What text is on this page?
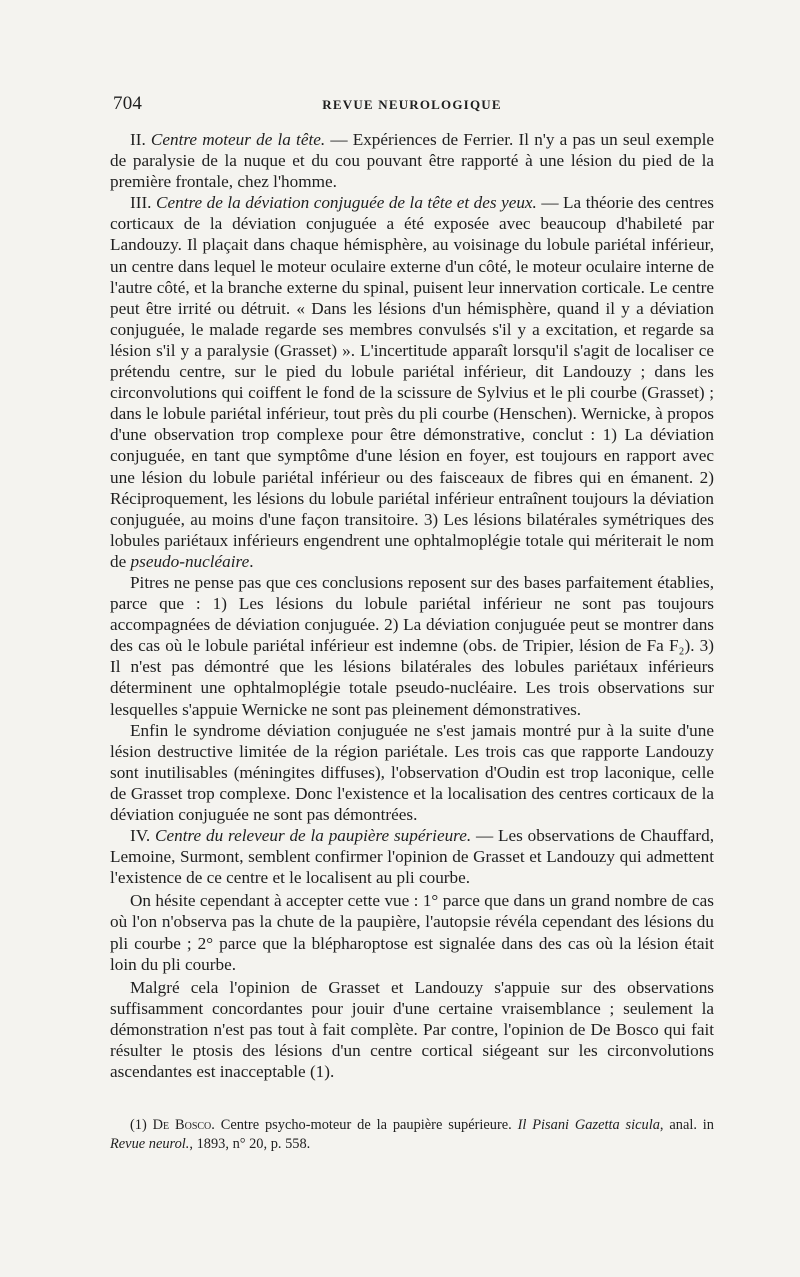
704	REVUE NEUROLOGIQUE

II. Centre moteur de la tête. — Expériences de Ferrier. Il n'y a pas un seul exemple de paralysie de la nuque et du cou pouvant être rapporté à une lésion du pied de la première frontale, chez l'homme.

III. Centre de la déviation conjuguée de la tête et des yeux. — La théorie des centres corticaux de la déviation conjuguée a été exposée avec beaucoup d'habileté par Landouzy. Il plaçait dans chaque hémisphère, au voisinage du lobule pariétal inférieur, un centre dans lequel le moteur oculaire externe d'un côté, le moteur oculaire interne de l'autre côté, et la branche externe du spinal, puisent leur innervation corticale. Le centre peut être irrité ou détruit. « Dans les lésions d'un hémisphère, quand il y a déviation conjuguée, le malade regarde ses membres convulsés s'il y a excitation, et regarde sa lésion s'il y a paralysie (Grasset) ». L'incertitude apparaît lorsqu'il s'agit de localiser ce prétendu centre, sur le pied du lobule pariétal inférieur, dit Landouzy ; dans les circonvolutions qui coiffent le fond de la scissure de Sylvius et le pli courbe (Grasset) ; dans le lobule pariétal inférieur, tout près du pli courbe (Henschen). Wernicke, à propos d'une observation trop complexe pour être démonstrative, conclut : 1) La déviation conjuguée, en tant que symptôme d'une lésion en foyer, est toujours en rapport avec une lésion du lobule pariétal inférieur ou des faisceaux de fibres qui en émanent. 2) Réciproquement, les lésions du lobule pariétal inférieur entraînent toujours la déviation conjuguée, au moins d'une façon transitoire. 3) Les lésions bilatérales symétriques des lobules pariétaux inférieurs engendrent une ophtalmoplégie totale qui mériterait le nom de pseudo-nucléaire.

Pitres ne pense pas que ces conclusions reposent sur des bases parfaitement établies, parce que : 1) Les lésions du lobule pariétal inférieur ne sont pas toujours accompagnées de déviation conjuguée. 2) La déviation conjuguée peut se montrer dans des cas où le lobule pariétal inférieur est indemne (obs. de Tripier, lésion de Fa F₂). 3) Il n'est pas démontré que les lésions bilatérales des lobules pariétaux inférieurs déterminent une ophtalmoplégie totale pseudo-nucléaire. Les trois observations sur lesquelles s'appuie Wernicke ne sont pas pleinement démonstratives.

Enfin le syndrome déviation conjuguée ne s'est jamais montré pur à la suite d'une lésion destructive limitée de la région pariétale. Les trois cas que rapporte Landouzy sont inutilisables (méningites diffuses), l'observation d'Oudin est trop laconique, celle de Grasset trop complexe. Donc l'existence et la localisation des centres corticaux de la déviation conjuguée ne sont pas démontrées.

IV. Centre du releveur de la paupière supérieure. — Les observations de Chauffard, Lemoine, Surmont, semblent confirmer l'opinion de Grasset et Landouzy qui admettent l'existence de ce centre et le localisent au pli courbe.

On hésite cependant à accepter cette vue : 1° parce que dans un grand nombre de cas où l'on n'observa pas la chute de la paupière, l'autopsie révéla cependant des lésions du pli courbe ; 2° parce que la blépharoptose est signalée dans des cas où la lésion était loin du pli courbe.

Malgré cela l'opinion de Grasset et Landouzy s'appuie sur des observations suffisamment concordantes pour jouir d'une certaine vraisemblance ; seulement la démonstration n'est pas tout à fait complète. Par contre, l'opinion de De Bosco qui fait résulter le ptosis des lésions d'un centre cortical siégeant sur les circonvolutions ascendantes est inacceptable (1).

(1) De Bosco. Centre psycho-moteur de la paupière supérieure. Il Pisani Gazetta sicula, anal. in Revue neurol., 1893, n° 20, p. 558.
